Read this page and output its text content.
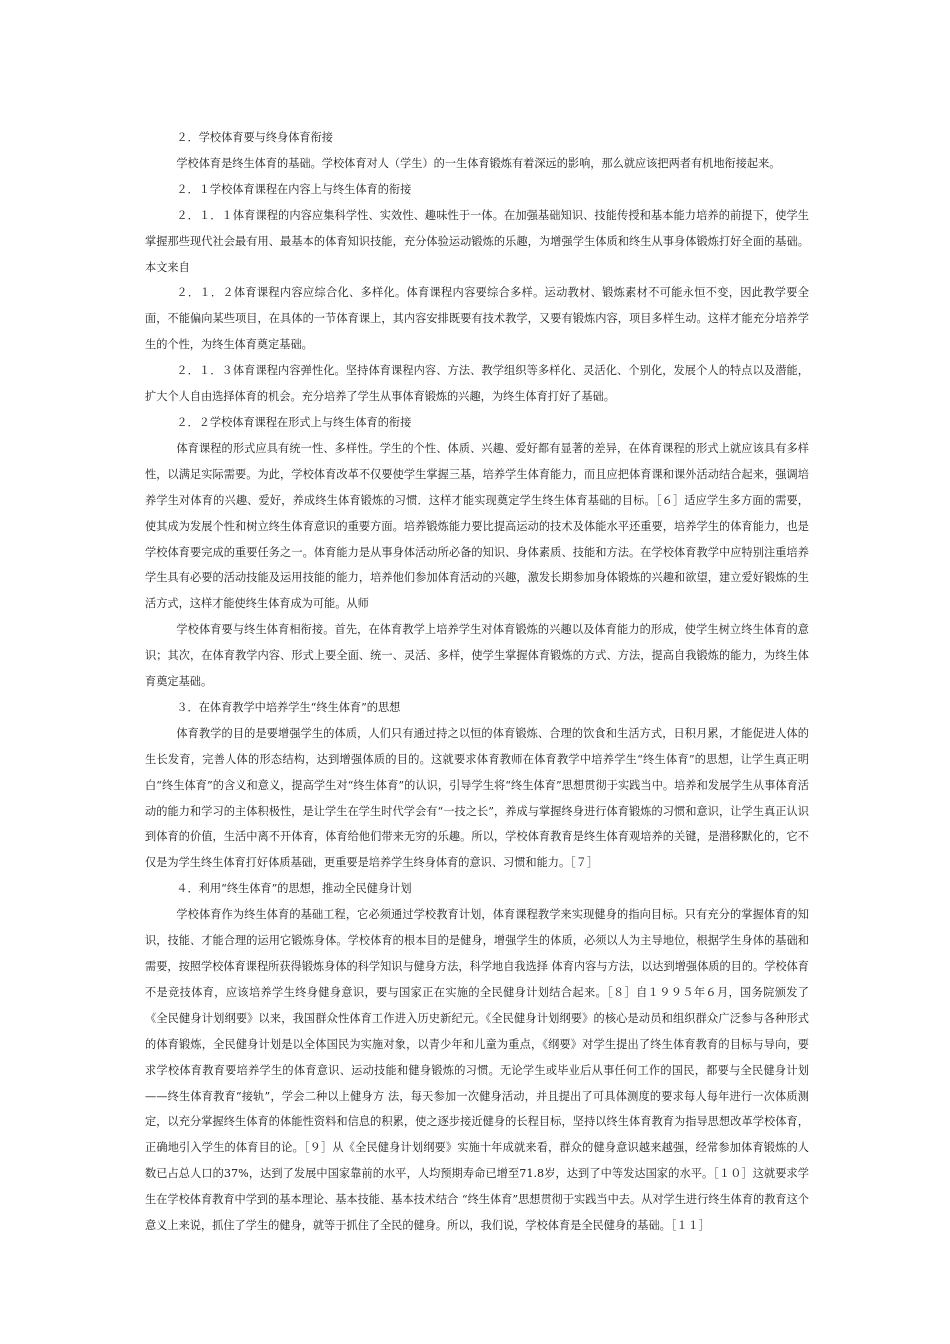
２．学校体育要与终身体育衔接

学校体育是终生体育的基础。学校体育对人（学生）的一生体育锻炼有着深远的影响，那么就应该把两者有机地衔接起来。

２．１学校体育课程在内容上与终生体育的衔接

２．１．１体育课程的内容应集科学性、实效性、趣味性于一体。在加强基础知识、技能传授和基本能力培养的前提下，使学生掌握那些现代社会最有用、最基本的体育知识技能，充分体验运动锻炼的乐趣，为增强学生体质和终生从事身体锻炼打好全面的基础。本文来自

２．１．２体育课程内容应综合化、多样化。体育课程内容要综合多样。运动教材、锻炼素材不可能永恒不变，因此教学要全面，不能偏向某些项目，在具体的一节体育课上，其内容安排既要有技术教学，又要有锻炼内容，项目多样生动。这样才能充分培养学生的个性，为终生体育奠定基础。

２．１．３体育课程内容弹性化。坚持体育课程内容、方法、教学组织等多样化、灵活化、个别化，发展个人的特点以及潜能，扩大个人自由选择体育的机会。充分培养了学生从事体育锻炼的兴趣，为终生体育打好了基础。

２．２学校体育课程在形式上与终生体育的衔接

体育课程的形式应具有统一性、多样性。学生的个性、体质、兴趣、爱好都有显著的差异，在体育课程的形式上就应该具有多样性，以满足实际需要。为此，学校体育改革不仅要使学生掌握三基，培养学生体育能力，而且应把体育课和课外活动结合起来，强调培养学生对体育的兴趣、爱好，养成终生体育锻炼的习惯．这样才能实现奠定学生终生体育基础的目标。［６］适应学生多方面的需要，使其成为发展个性和树立终生体育意识的重要方面。培养锻炼能力要比提高运动的技术及体能水平还重要，培养学生的体育能力，也是学校体育要完成的重要任务之一。体育能力是从事身体活动所必备的知识、身体素质、技能和方法。在学校体育教学中应特别注重培养学生具有必要的活动技能及运用技能的能力，培养他们参加体育活动的兴趣，激发长期参加身体锻炼的兴趣和欲望，建立爱好锻炼的生活方式，这样才能使终生体育成为可能。从师

学校体育要与终生体育相衔接。首先，在体育教学上培养学生对体育锻炼的兴趣以及体育能力的形成，使学生树立终生体育的意识；其次，在体育教学内容、形式上要全面、统一、灵活、多样，使学生掌握体育锻炼的方式、方法，提高自我锻炼的能力，为终生体育奠定基础。

３．在体育教学中培养学生“终生体育”的思想

体育教学的目的是要增强学生的体质，人们只有通过持之以恒的体育锻炼、合理的饮食和生活方式，日积月累，才能促进人体的生长发育，完善人体的形态结构，达到增强体质的目的。这就要求体育教师在体育教学中培养学生“终生体育”的思想，让学生真正明白“终生体育”的含义和意义，提高学生对“终生体育”的认识，引导学生将“终生体育”思想贯彻于实践当中。培养和发展学生从事体育活动的能力和学习的主体积极性，是让学生在学生时代学会有“一技之长”，养成与掌握终身进行体育锻炼的习惯和意识，让学生真正认识到体育的价值，生活中离不开体育，体育给他们带来无穷的乐趣。所以，学校体育教育是终生体育观培养的关键，是潜移默化的，它不仅是为学生终生体育打好体质基础，更重要是培养学生终身体育的意识、习惯和能力。［７］

４．利用“终生体育”的思想，推动全民健身计划

学校体育作为终生体育的基础工程，它必须通过学校教育计划，体育课程教学来实现健身的指向目标。只有充分的掌握体育的知识，技能、才能合理的运用它锻炼身体。学校体育的根本目的是健身，增强学生的体质，必须以人为主导地位，根据学生身体的基础和需要，按照学校体育课程所获得锻炼身体的科学知识与健身方法，科学地自我选择 体育内容与方法，以达到增强体质的目的。学校体育不是竞技体育，应该培养学生终身健身意识，要与国家正在实施的全民健身计划结合起来。［８］自１９９５年６月，国务院颁发了《全民健身计划纲要》以来，我国群众性体育工作进入历史新纪元。《全民健身计划纲要》的核心是动员和组织群众广泛参与各种形式的体育锻炼，全民健身计划是以全体国民为实施对象，以青少年和儿童为重点，《纲要》对学生提出了终生体育教育的目标与导向，要求学校体育教育要培养学生的体育意识、运动技能和健身锻炼的习惯。无论学生或毕业后从事任何工作的国民，都要与全民健身计划——终生体育教育“接轨”，学会二种以上健身方 法，每天参加一次健身活动，并且提出了可具体测度的要求每人每年进行一次体质测定，以充分掌握终生体育的体能性资料和信息的积累，使之逐步接近健身的长程目标，坚持以终生体育教育为指导思想改革学校体育，正确地引入学生的体育目的论。［９］从《全民健身计划纲要》实施十年成就来看，群众的健身意识越来越强，经常参加体育锻炼的人数已占总人口的37%，达到了发展中国家靠前的水平，人均预期寿命已增至71.8岁，达到了中等发达国家的水平。［１０］这就要求学生在学校体育教育中学到的基本理论、基本技能、基本技术结合 “终生体育”思想贯彻于实践当中去。从对学生进行终生体育的教育这个意义上来说，抓住了学生的健身，就等于抓住了全民的健身。所以，我们说，学校体育是全民健身的基础。［１１］
